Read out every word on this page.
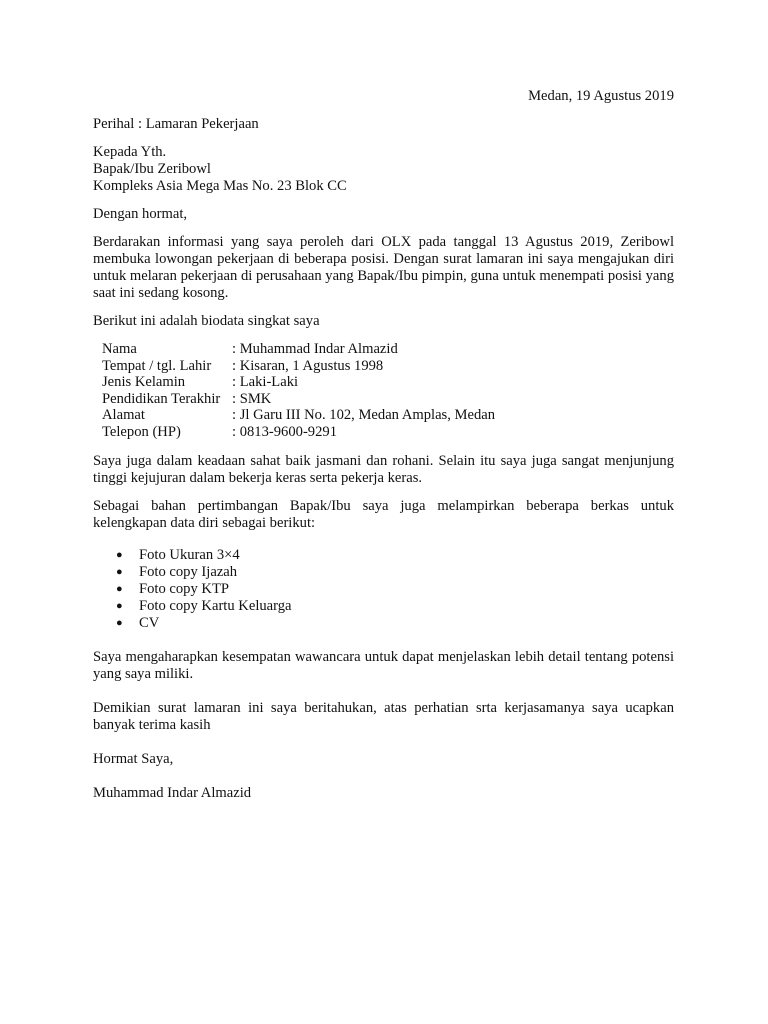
Medan, 19 Agustus 2019

Perihal : Lamaran Pekerjaan

Kepada Yth.

Bapak/Ibu Zeribowl

Kompleks Asia Mega Mas No. 23 Blok CC

Dengan hormat,

Berdarakan informasi yang saya peroleh dari OLX pada tanggal 13 Agustus 2019, Zeribowl membuka lowongan pekerjaan di beberapa posisi. Dengan surat lamaran ini saya mengajukan diri untuk melaran pekerjaan di perusahaan yang Bapak/Ibu pimpin, guna untuk menempati posisi yang saat ini sedang kosong.

Berikut ini adalah biodata singkat saya

Nama	: Muhammad Indar Almazid
Tempat / tgl. Lahir	: Kisaran, 1 Agustus 1998
Jenis Kelamin	: Laki-Laki
Pendidikan Terakhir	: SMK
Alamat	: Jl Garu III No. 102, Medan Amplas, Medan
Telepon (HP)	: 0813-9600-9291

Saya juga dalam keadaan sahat baik jasmani dan rohani. Selain itu saya juga sangat menjunjung tinggi kejujuran dalam bekerja keras serta pekerja keras.

Sebagai bahan pertimbangan Bapak/Ibu saya juga melampirkan beberapa berkas untuk kelengkapan data diri sebagai berikut:

● Foto Ukuran 3×4
● Foto copy Ijazah
● Foto copy KTP
● Foto copy Kartu Keluarga
● CV

Saya mengaharapkan kesempatan wawancara untuk dapat menjelaskan lebih detail tentang potensi yang saya miliki.

Demikian surat lamaran ini saya beritahukan, atas perhatian srta kerjasamanya saya ucapkan banyak terima kasih

Hormat Saya,

Muhammad Indar Almazid
